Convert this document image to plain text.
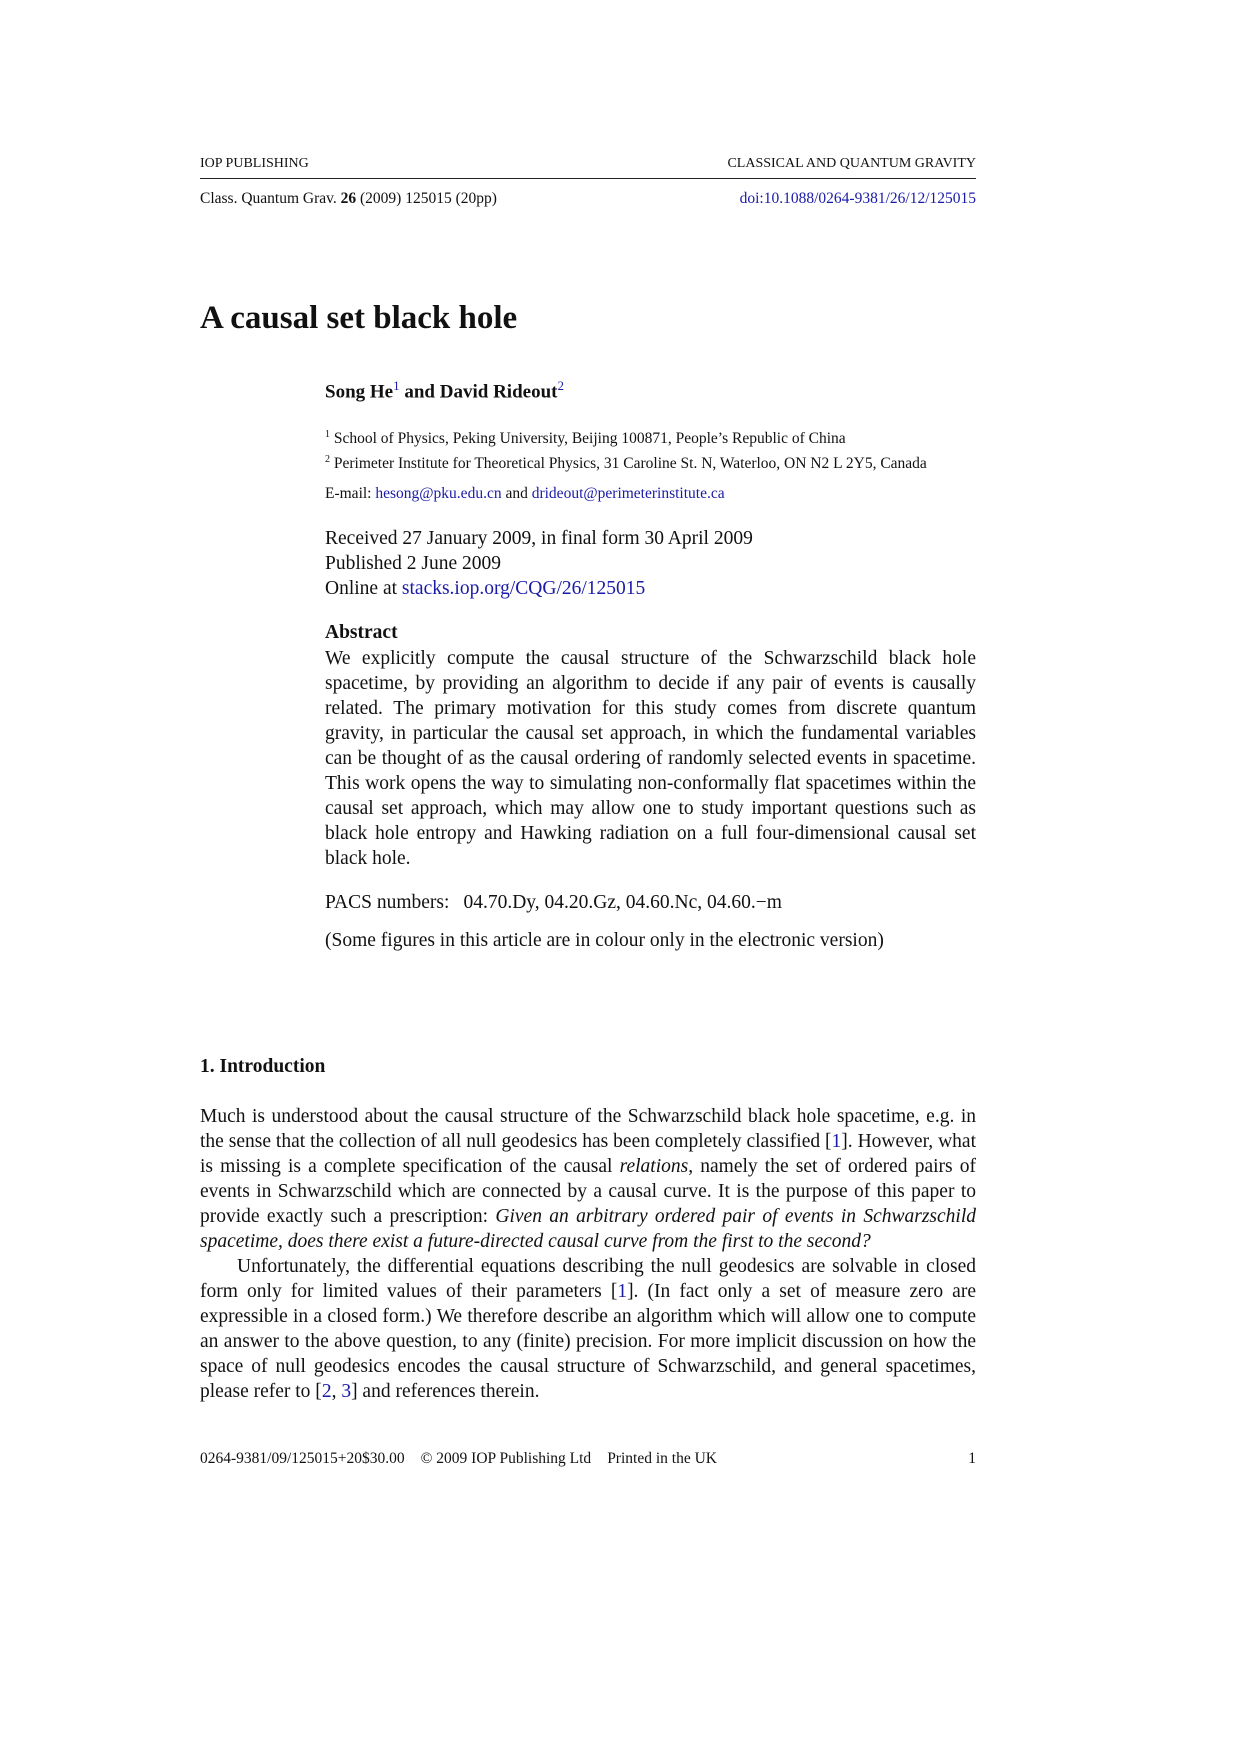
IOP PUBLISHING	CLASSICAL AND QUANTUM GRAVITY
Class. Quantum Grav. 26 (2009) 125015 (20pp)	doi:10.1088/0264-9381/26/12/125015
A causal set black hole
Song He$^1$ and David Rideout$^2$
$^1$ School of Physics, Peking University, Beijing 100871, People’s Republic of China
$^2$ Perimeter Institute for Theoretical Physics, 31 Caroline St. N, Waterloo, ON N2 L 2Y5, Canada
E-mail: hesong@pku.edu.cn and drideout@perimeterinstitute.ca
Received 27 January 2009, in final form 30 April 2009
Published 2 June 2009
Online at stacks.iop.org/CQG/26/125015
Abstract
We explicitly compute the causal structure of the Schwarzschild black hole spacetime, by providing an algorithm to decide if any pair of events is causally related. The primary motivation for this study comes from discrete quantum gravity, in particular the causal set approach, in which the fundamental variables can be thought of as the causal ordering of randomly selected events in spacetime. This work opens the way to simulating non-conformally flat spacetimes within the causal set approach, which may allow one to study important questions such as black hole entropy and Hawking radiation on a full four-dimensional causal set black hole.
PACS numbers: 04.70.Dy, 04.20.Gz, 04.60.Nc, 04.60.−m
(Some figures in this article are in colour only in the electronic version)
1. Introduction

Much is understood about the causal structure of the Schwarzschild black hole spacetime, e.g. in the sense that the collection of all null geodesics has been completely classified [1]. However, what is missing is a complete specification of the causal relations, namely the set of ordered pairs of events in Schwarzschild which are connected by a causal curve. It is the purpose of this paper to provide exactly such a prescription: Given an arbitrary ordered pair of events in Schwarzschild spacetime, does there exist a future-directed causal curve from the first to the second?

Unfortunately, the differential equations describing the null geodesics are solvable in closed form only for limited values of their parameters [1]. (In fact only a set of measure zero are expressible in a closed form.) We therefore describe an algorithm which will allow one to compute an answer to the above question, to any (finite) precision. For more implicit discussion on how the space of null geodesics encodes the causal structure of Schwarzschild, and general spacetimes, please refer to [2, 3] and references therein.

0264-9381/09/125015+20$30.00 © 2009 IOP Publishing Ltd Printed in the UK	1
